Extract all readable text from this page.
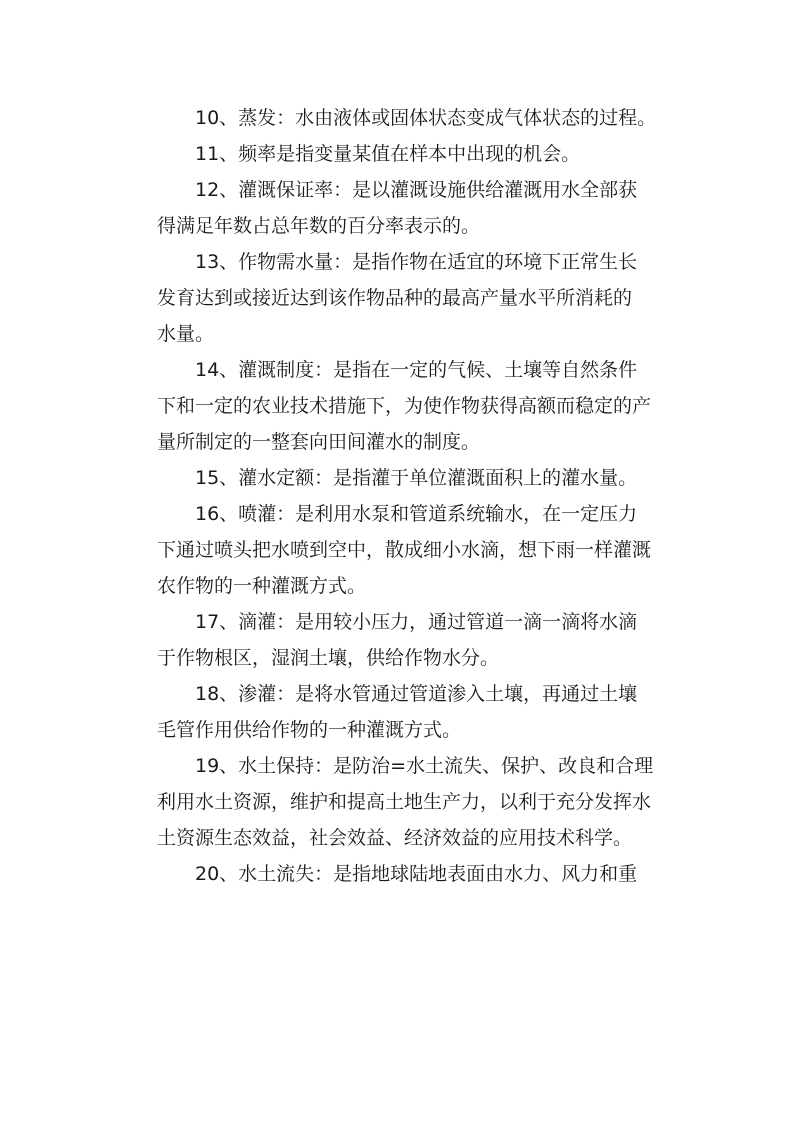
10、蒸发：水由液体或固体状态变成气体状态的过程。
11、频率是指变量某值在样本中出现的机会。
12、灌溉保证率：是以灌溉设施供给灌溉用水全部获
得满足年数占总年数的百分率表示的。
13、作物需水量：是指作物在适宜的环境下正常生长
发育达到或接近达到该作物品种的最高产量水平所消耗的
水量。
14、灌溉制度：是指在一定的气候、土壤等自然条件
下和一定的农业技术措施下，为使作物获得高额而稳定的产
量所制定的一整套向田间灌水的制度。
15、灌水定额：是指灌于单位灌溉面积上的灌水量。
16、喷灌：是利用水泵和管道系统输水，在一定压力
下通过喷头把水喷到空中，散成细小水滴，想下雨一样灌溉
农作物的一种灌溉方式。
17、滴灌：是用较小压力，通过管道一滴一滴将水滴
于作物根区，湿润土壤，供给作物水分。
18、渗灌：是将水管通过管道渗入土壤，再通过土壤
毛管作用供给作物的一种灌溉方式。
19、水土保持：是防治=水土流失、保护、改良和合理
利用水土资源，维护和提高土地生产力，以利于充分发挥水
土资源生态效益，社会效益、经济效益的应用技术科学。
20、水土流失：是指地球陆地表面由水力、风力和重
